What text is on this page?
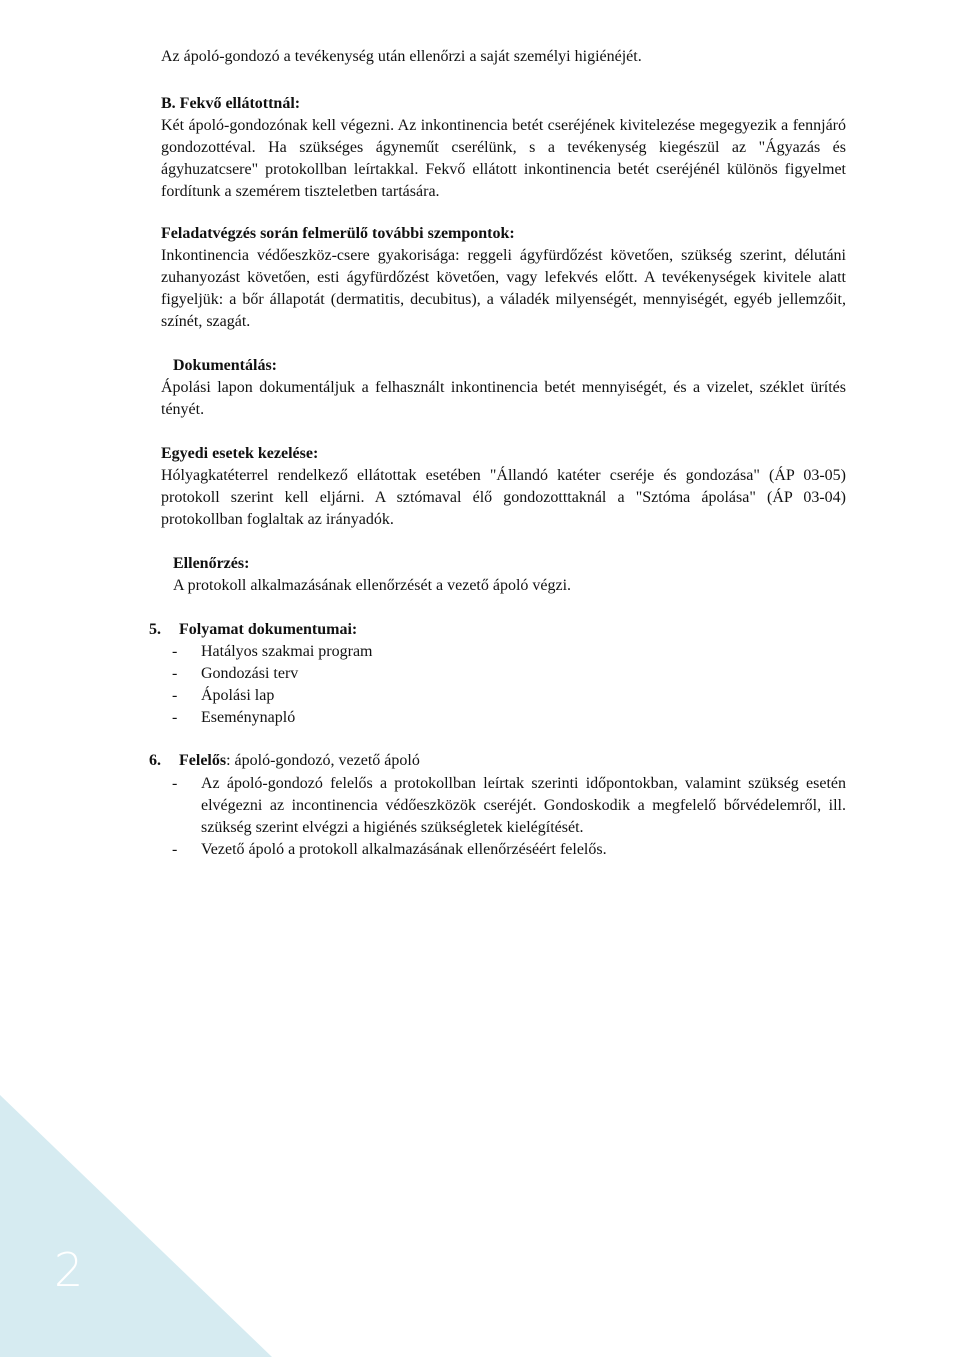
Az ápoló-gondozó a tevékenység után ellenőrzi a saját személyi higiénéjét.

B. Fekvő ellátottnál:

Két ápoló-gondozónak kell végezni. Az inkontinencia betét cseréjének kivitelezése megegyezik a fennjáró gondozottéval. Ha szükséges ágyneműt cserélünk, s a tevékenység kiegészül az "Ágyazás és ágyhuzatcsere" protokollban leírtakkal. Fekvő ellátott inkontinencia betét cseréjénél különös figyelmet fordítunk a szemérem tiszteletben tartására.

Feladatvégzés során felmerülő további szempontok:

Inkontinencia védőeszköz-csere gyakorisága: reggeli ágyfürdőzést követően, szükség szerint, délutáni zuhanyozást követően, esti ágyfürdőzést követően, vagy lefekvés előtt. A tevékenységek kivitele alatt figyeljük: a bőr állapotát (dermatitis, decubitus), a váladék milyenségét, mennyiségét, egyéb jellemzőit, színét, szagát.

Dokumentálás:

Ápolási lapon dokumentáljuk a felhasznált inkontinencia betét mennyiségét, és a vizelet, széklet ürítés tényét.

Egyedi esetek kezelése:

Hólyagkatéterrel rendelkező ellátottak esetében "Állandó katéter cseréje és gondozása" (ÁP 03-05) protokoll szerint kell eljárni. A sztómaval élő gondozotttaknál a "Sztóma ápolása" (ÁP 03-04) protokollban foglaltak az irányadók.

Ellenőrzés:

A protokoll alkalmazásának ellenőrzését a vezető ápoló végzi.

5. Folyamat dokumentumai:
-	Hatályos szakmai program
-	Gondozási terv
-	Ápolási lap
-	Eseménynapló
6. Felelős: ápoló-gondozó, vezető ápoló
-	Az ápoló-gondozó felelős a protokollban leírtak szerinti időpontokban, valamint szükség esetén elvégezni az incontinencia védőeszközök cseréjét. Gondoskodik a megfelelő bőrvédelemről, ill. szükség szerint elvégzi a higiénés szükségletek kielégítését.
-	Vezető ápoló a protokoll alkalmazásának ellenőrzéséért felelős.
2
